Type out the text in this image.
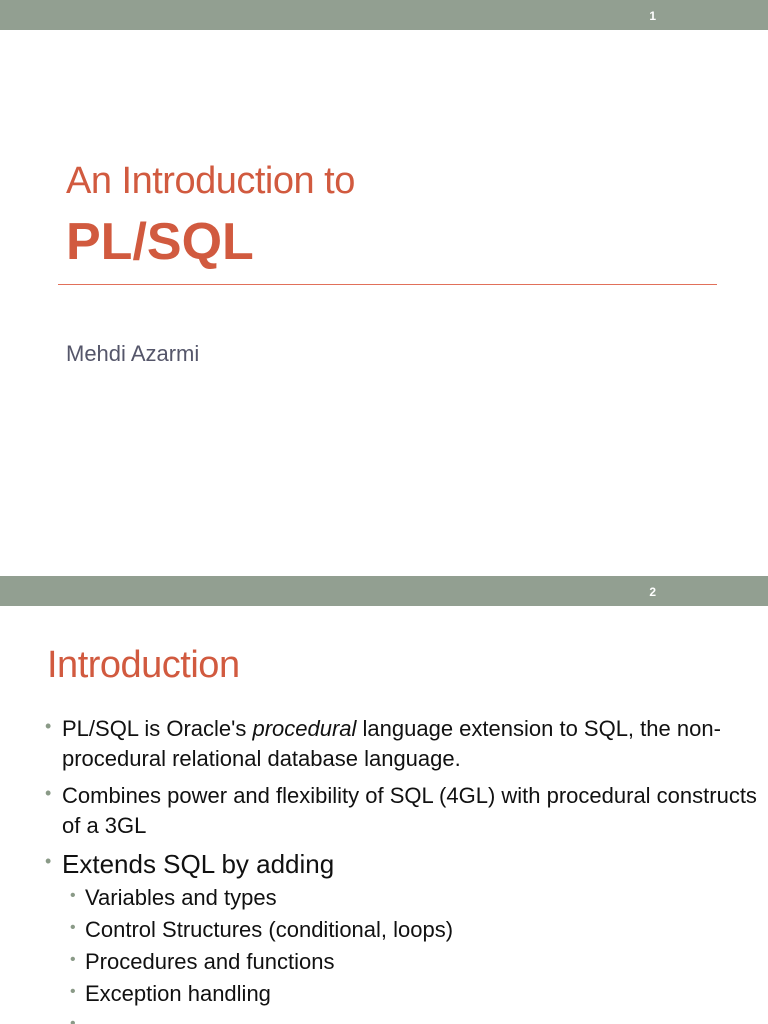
1
An Introduction to
PL/SQL
Mehdi Azarmi
2
Introduction
• PL/SQL is Oracle's procedural language extension to SQL, the non-procedural relational database language.
• Combines power and flexibility of SQL (4GL) with procedural constructs of a 3GL
• Extends SQL by adding
• Variables and types
• Control Structures (conditional, loops)
• Procedures and functions
• Exception handling
•
